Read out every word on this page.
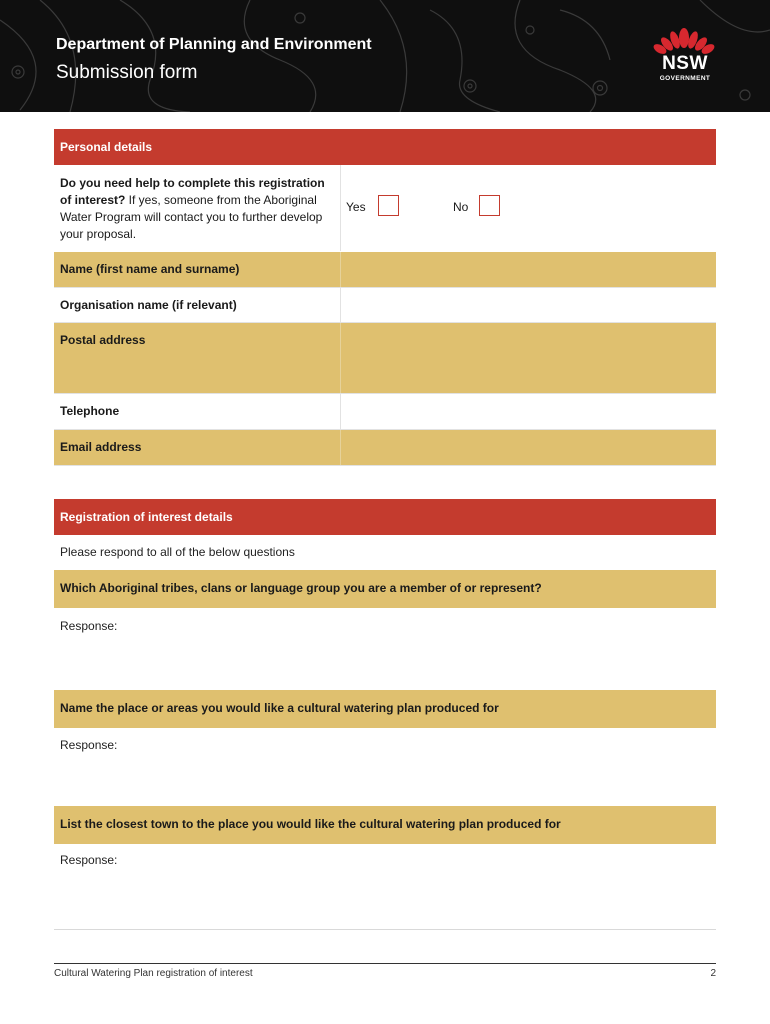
Department of Planning and Environment
Submission form	NSW
GOVERNMENT
Personal details
Do you need help to complete this registration of interest? If yes, someone from the Aboriginal Water Program will contact you to further develop your proposal.
Yes	No
Name (first name and surname)
Organisation name (if relevant)
Postal address
Telephone
Email address
Registration of interest details
Please respond to all of the below questions
Which Aboriginal tribes, clans or language group you are a member of or represent?
Response:
Name the place or areas you would like a cultural watering plan produced for
Response:
List the closest town to the place you would like the cultural watering plan produced for
Response:
Cultural Watering Plan registration of interest	2
